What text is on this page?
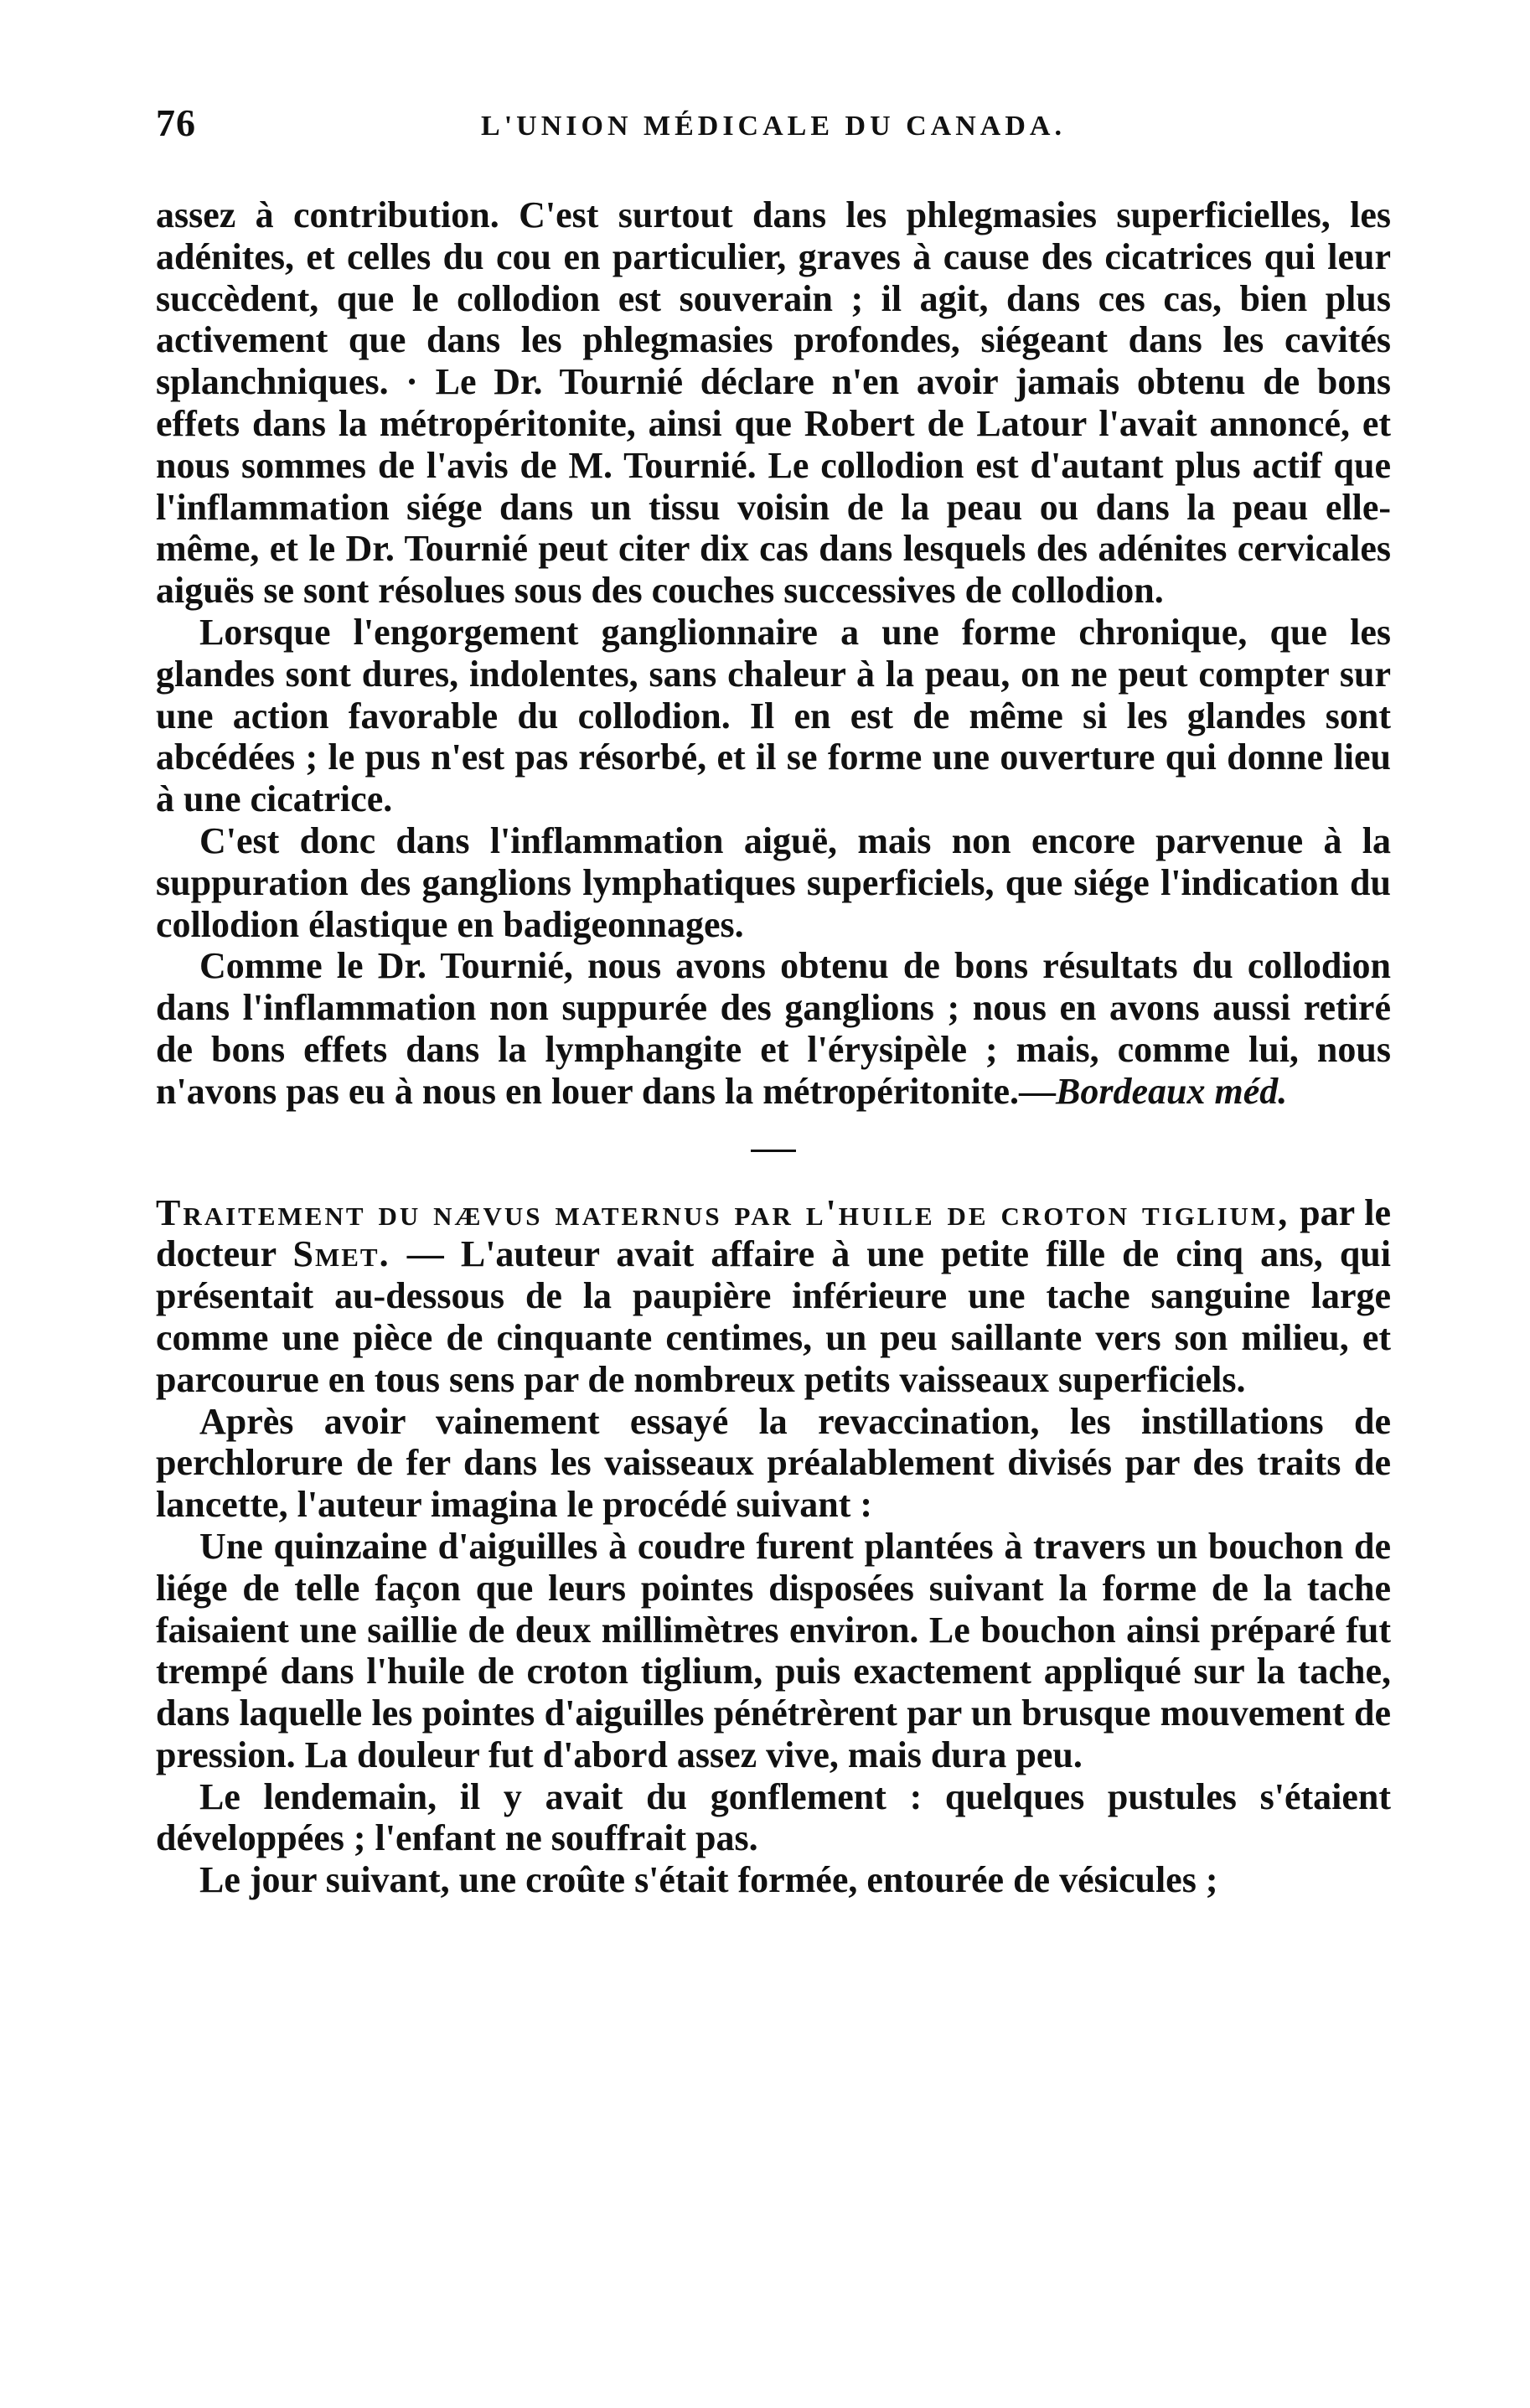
76	L'UNION MÉDICALE DU CANADA.

assez à contribution. C'est surtout dans les phlegmasies superficielles, les adénites, et celles du cou en particulier, graves à cause des cicatrices qui leur succèdent, que le collodion est souverain ; il agit, dans ces cas, bien plus activement que dans les phlegmasies profondes, siégeant dans les cavités splanchniques. · Le Dr. Tournié déclare n'en avoir jamais obtenu de bons effets dans la métropéritonite, ainsi que Robert de Latour l'avait annoncé, et nous sommes de l'avis de M. Tournié. Le collodion est d'autant plus actif que l'inflammation siége dans un tissu voisin de la peau ou dans la peau elle-même, et le Dr. Tournié peut citer dix cas dans lesquels des adénites cervicales aiguës se sont résolues sous des couches successives de collodion.

Lorsque l'engorgement ganglionnaire a une forme chronique, que les glandes sont dures, indolentes, sans chaleur à la peau, on ne peut compter sur une action favorable du collodion. Il en est de même si les glandes sont abcédées ; le pus n'est pas résorbé, et il se forme une ouverture qui donne lieu à une cicatrice.

C'est donc dans l'inflammation aiguë, mais non encore parvenue à la suppuration des ganglions lymphatiques superficiels, que siége l'indication du collodion élastique en badigeonnages.

Comme le Dr. Tournié, nous avons obtenu de bons résultats du collodion dans l'inflammation non suppurée des ganglions ; nous en avons aussi retiré de bons effets dans la lymphangite et l'érysipèle ; mais, comme lui, nous n'avons pas eu à nous en louer dans la métropéritonite.—Bordeaux méd.

Traitement du nævus maternus par l'huile de croton tiglium, par le docteur Smet. — L'auteur avait affaire à une petite fille de cinq ans, qui présentait au-dessous de la paupière inférieure une tache sanguine large comme une pièce de cinquante centimes, un peu saillante vers son milieu, et parcourue en tous sens par de nombreux petits vaisseaux superficiels.

Après avoir vainement essayé la revaccination, les instillations de perchlorure de fer dans les vaisseaux préalablement divisés par des traits de lancette, l'auteur imagina le procédé suivant :

Une quinzaine d'aiguilles à coudre furent plantées à travers un bouchon de liége de telle façon que leurs pointes disposées suivant la forme de la tache faisaient une saillie de deux millimètres environ. Le bouchon ainsi préparé fut trempé dans l'huile de croton tiglium, puis exactement appliqué sur la tache, dans laquelle les pointes d'aiguilles pénétrèrent par un brusque mouvement de pression. La douleur fut d'abord assez vive, mais dura peu.

Le lendemain, il y avait du gonflement : quelques pustules s'étaient développées ; l'enfant ne souffrait pas.

Le jour suivant, une croûte s'était formée, entourée de vésicules ;
